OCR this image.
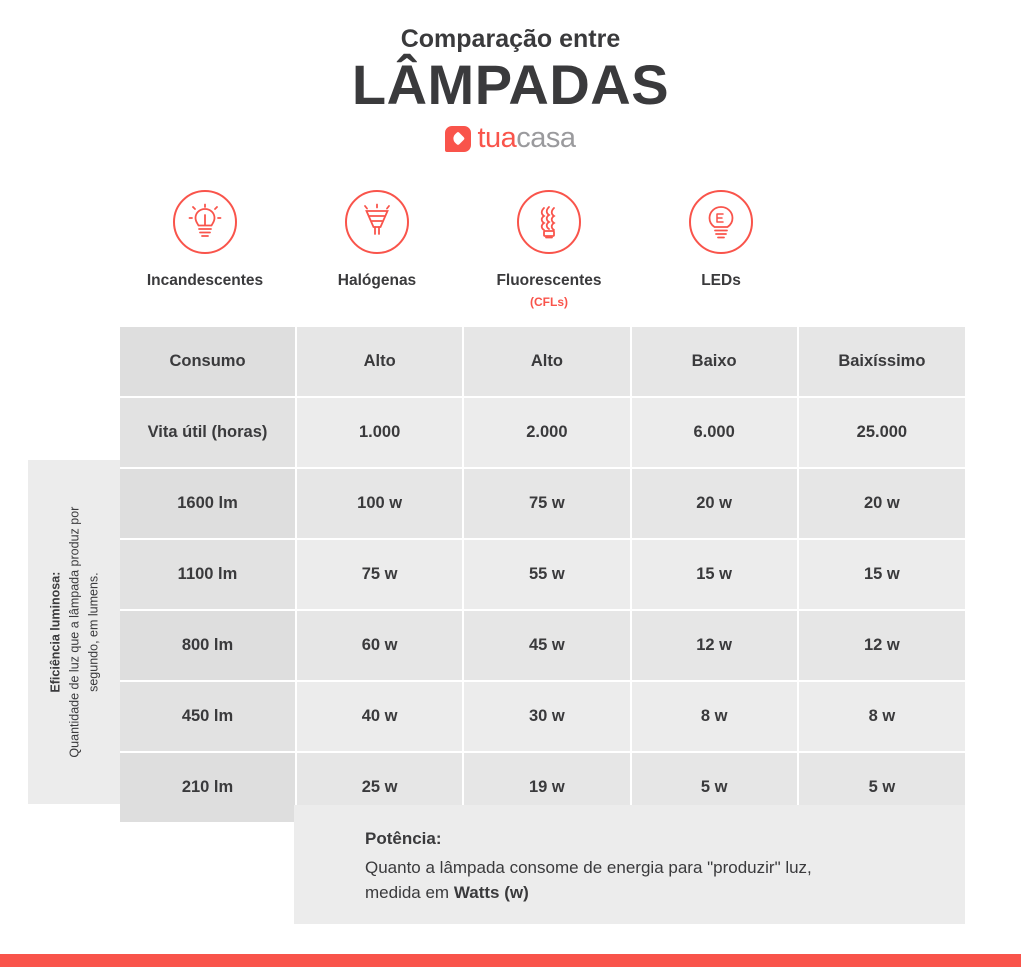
Comparação entre
LÂMPADAS
tuacasa
Incandescentes	Halógenas	Fluorescentes
(CFLs)
LEDs
Eficiência luminosa: Quantidade de luz que a lâmpada produz por segundo, em lumens.
Consumo	Alto	Alto	Baixo	Baixíssimo
Vita útil (horas)	1.000	2.000	6.000	25.000
1600 lm	100 w	75 w	20 w	20 w
1100 lm	75 w	55 w	15 w	15 w
800 lm	60 w	45 w	12 w	12 w
450 lm	40 w	30 w	8 w	8 w
210 lm	25 w	19 w	5 w	5 w
Potência:
Quanto a lâmpada consome de energia para "produzir" luz,
medida em Watts (w)
